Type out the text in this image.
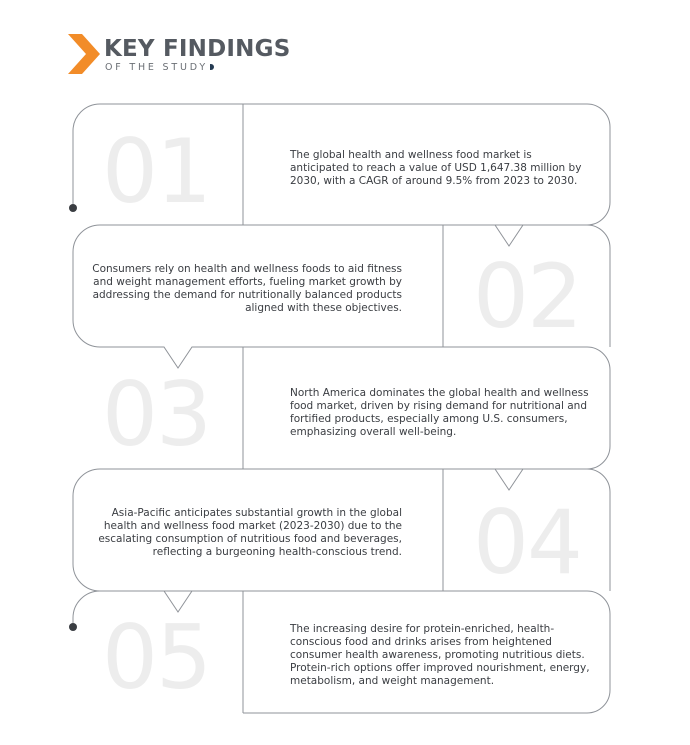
KEY FINDINGS
OF THE STUDY
01	The global health and wellness food market is anticipated to reach a value of USD 1,647.38 million by 2030, with a CAGR of around 9.5% from 2023 to 2030.

02

Consumers rely on health and wellness foods to aid fitness and weight management efforts, fueling market growth by addressing the demand for nutritionally balanced products aligned with these objectives.

03	North America dominates the global health and wellness food market, driven by rising demand for nutritional and fortified products, especially among U.S. consumers, emphasizing overall well-being.

04

Asia-Pacific anticipates substantial growth in the global health and wellness food market (2023-2030) due to the escalating consumption of nutritious food and beverages, reflecting a burgeoning health-conscious trend.

05	The increasing desire for protein-enriched, health-conscious food and drinks arises from heightened consumer health awareness, promoting nutritious diets. Protein-rich options offer improved nourishment, energy, metabolism, and weight management.
